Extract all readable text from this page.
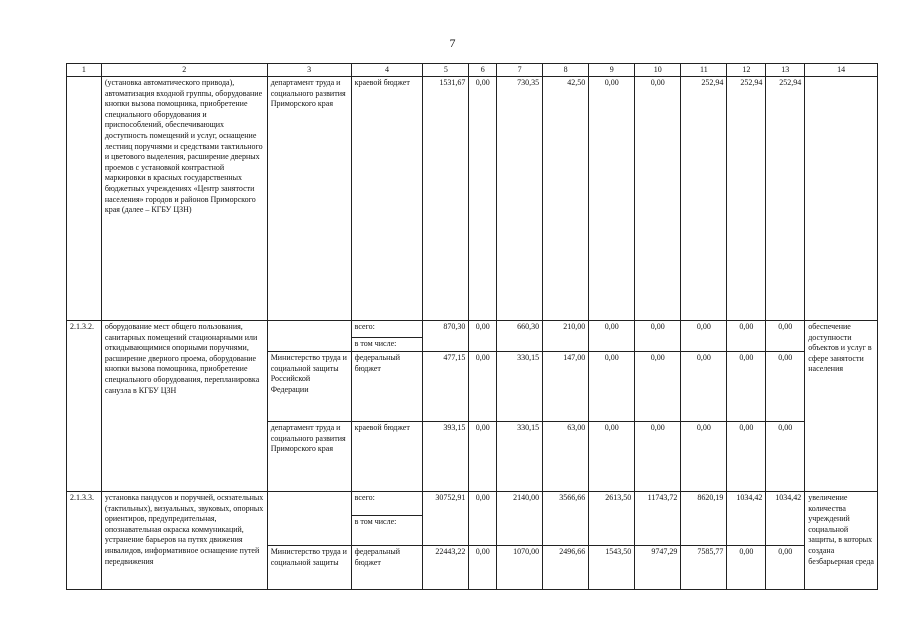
7
1	2	3	4	5	6	7	8	9	10	11	12	13	14
	(установка автоматического привода), автоматизация входной группы, оборудование кнопки вызова помощника, приобретение специального оборудования и приспособлений, обеспечивающих доступность помещений и услуг, оснащение лестниц поручнями и средствами тактильного и цветового выделения, расширение дверных проемов с установкой контрастной маркировки в красных государственных бюджетных учреждениях «Центр занятости населения» городов и районов Приморского края (далее – КГБУ ЦЗН)	департамент труда и социального развития Приморского края	краевой бюджет	1531,67	0,00	730,35	42,50	0,00	0,00	252,94	252,94	252,94	
2.1.3.2.	оборудование мест общего пользования, санитарных помещений стационарными или откидывающимися опорными поручнями, расширение дверного проема, оборудование кнопки вызова помощника, приобретение специального оборудования, перепланировка санузла в КГБУ ЦЗН		всего:	870,30	0,00	660,30	210,00	0,00	0,00	0,00	0,00	0,00	обеспечение доступности объектов и услуг в сфере занятости населения
			в том числе:										
		Министерство труда и социальной защиты Российской Федерации	федеральный бюджет	477,15	0,00	330,15	147,00	0,00	0,00	0,00	0,00	0,00	
		департамент труда и социального развития Приморского края	краевой бюджет	393,15	0,00	330,15	63,00	0,00	0,00	0,00	0,00	0,00	
2.1.3.3.	установка пандусов и поручней, осязательных (тактильных), визуальных, звуковых, опорных ориентиров, предупредительная, опознавательная окраска коммуникаций, устранение барьеров на путях движения инвалидов, информативное оснащение путей передвижения		всего:	30752,91	0,00	2140,00	3566,66	2613,50	11743,72	8620,19	1034,42	1034,42	увеличение количества учреждений социальной защиты, в которых создана безбарьерная среда
			в том числе:										
		Министерство труда и социальной защиты	федеральный бюджет	22443,22	0,00	1070,00	2496,66	1543,50	9747,29	7585,77	0,00	0,00	
